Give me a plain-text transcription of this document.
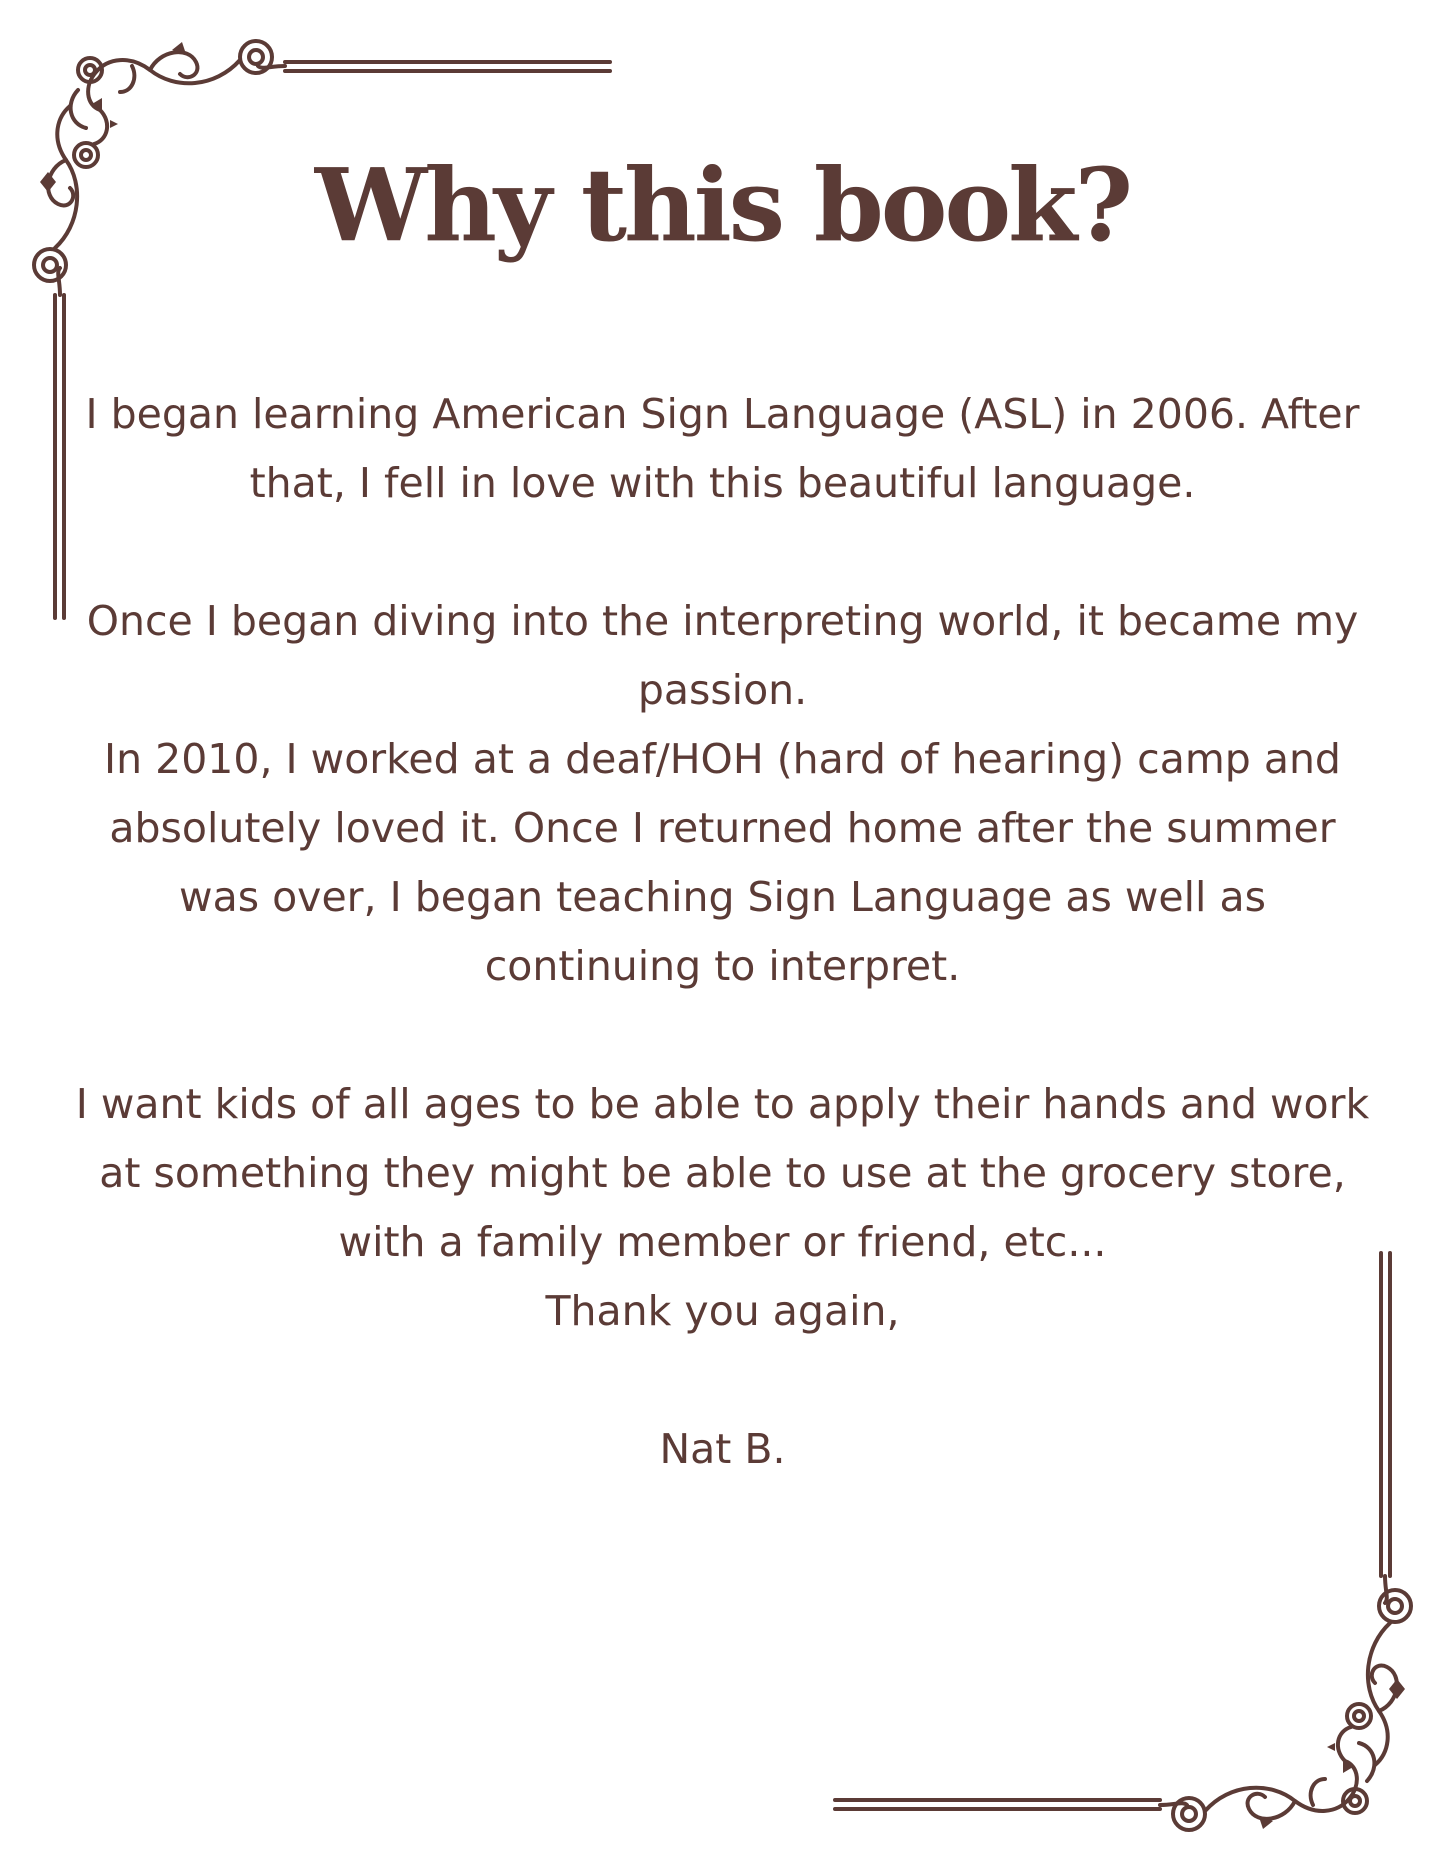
Why this book?

I began learning American Sign Language (ASL) in 2006. After that, I fell in love with this beautiful language.

Once I began diving into the interpreting world, it became my passion.

In 2010, I worked at a deaf/HOH (hard of hearing) camp and absolutely loved it. Once I returned home after the summer was over, I began teaching Sign Language as well as continuing to interpret.

I want kids of all ages to be able to apply their hands and work at something they might be able to use at the grocery store, with a family member or friend, etc...

Thank you again,

Nat B.
